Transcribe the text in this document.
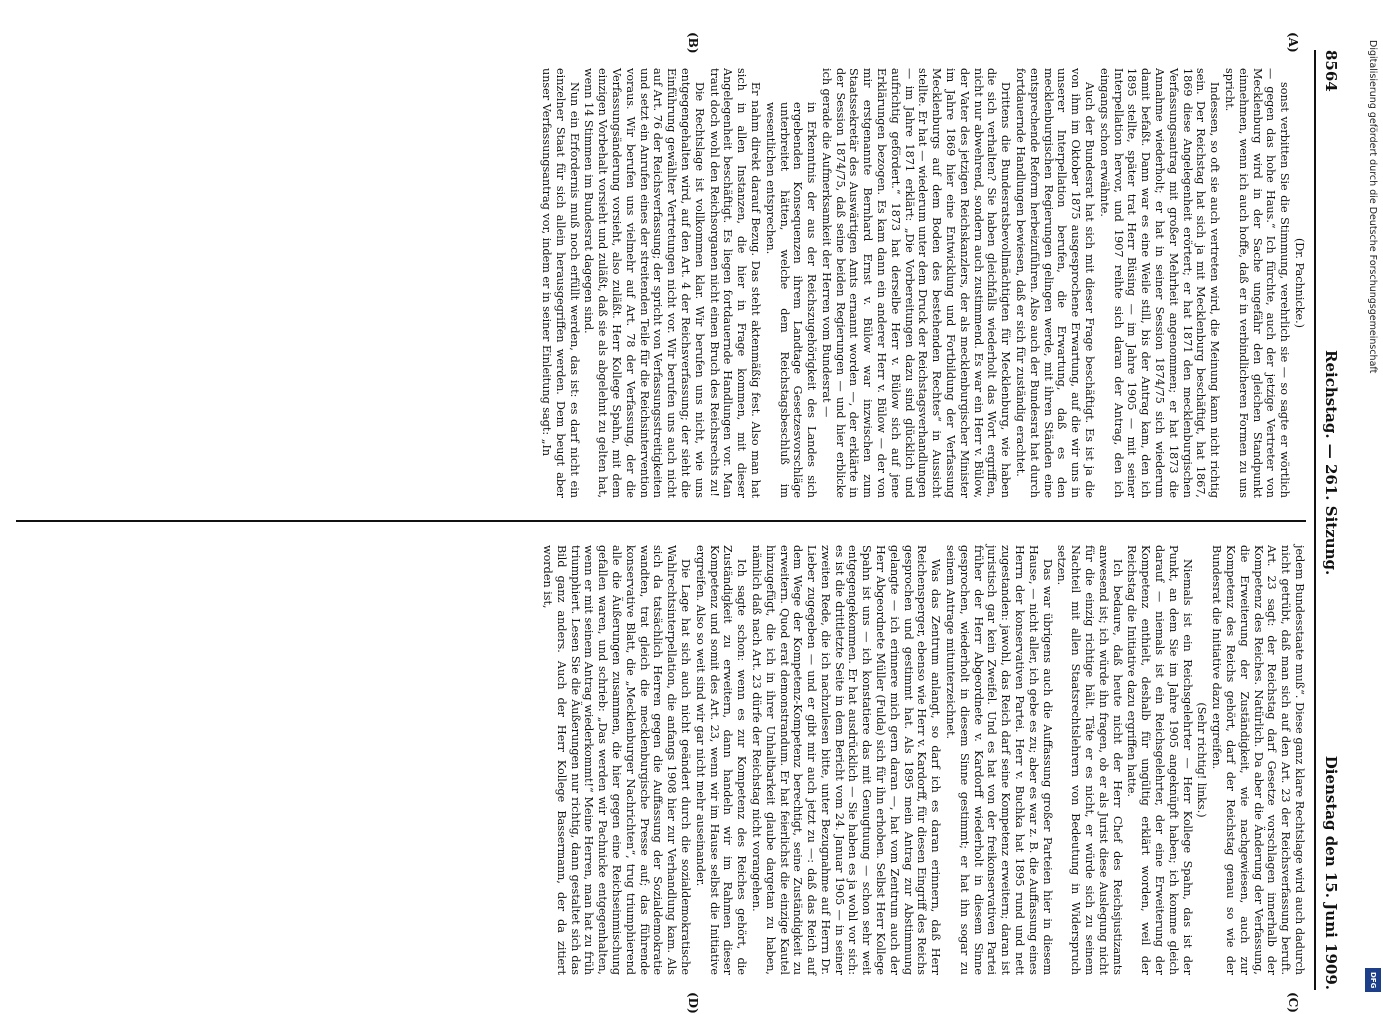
8564
Reichstag. — 261. Sitzung.
Dienstag den 15. Juni 1909.

(Dr. Pachnicke.)

sonst verbitten Sie die Stimmung, verehrlich sie — so sagte er wörtlich — gegen das hohe Haus.“ Ich fürchte, auch der jetzige Vertreter von Mecklenburg wird in der Sache ungefähr den gleichen Standpunkt einnehmen, wenn ich auch hoffe, daß er in verbindlicheren Formen zu uns spricht.

Indessen, so oft sie auch vertreten wird, die Meinung kann nicht richtig sein. Der Reichstag hat sich ja mit Mecklenburg beschäftigt, hat 1867, 1869 diese Angelegenheit erörtert; er hat 1871 den mecklenburgischen Verfassungsantrag mit großer Mehrheit angenommen; er hat 1873 die Annahme wiederholt; er hat in seiner Session 1874/75 sich wiederum damit befaßt. Dann war es eine Weile still, bis der Antrag kam, den ich 1895 stellte, später trat Herr Büsing — im Jahre 1905 — mit seiner Interpellation hervor, und 1907 reihte sich daran der Antrag, den ich eingangs schon erwähnte.

Auch der Bundesrat hat sich mit dieser Frage beschäftigt. Es ist ja die von ihm im Oktober 1875 ausgesprochene Erwartung, auf die wir uns in unserer Interpellation berufen, die Erwartung, daß es den mecklenburgischen Regierungen gelingen werde, mit ihren Ständen eine entsprechende Reform herbeizuführen. Also auch der Bundesrat hat durch fortdauernde Handlungen bewiesen, daß er sich für zuständig erachtet.

Drittens die Bundesratsbevollmächtigten für Mecklenburg, wie haben die sich verhalten? Sie haben gleichfalls wiederholt das Wort ergriffen, nicht nur abwehrend, sondern auch zustimmend. Es war ein Herr v. Bülow, der Vater des jetzigen Reichskanzlers, der als mecklenburgischer Minister im Jahre 1869 hier eine Entwicklung und Fortbildung der Verfassung Mecklenburgs auf dem Boden des bestehenden Rechtes“ in Aussicht stellte. Er hat — wiederum unter dem Druck der Reichstagsverhandlungen — im Jahre 1871 erklärt: „Die Vorbereitungen dazu sind glücklich und aufrichtig gefördert.“ 1873 hat derselbe Herr v. Bülow sich auf jene Erklärungen bezogen. Es kam dann ein anderer Herr v. Bülow — der von mir erstgenannte Bernhard Ernst v. Bülow war inzwischen zum Staatssekretär des Auswärtigen Amts ernannt worden —, der erklärte in der Session 1874/75, daß seine beiden Regierungen — und hier erblicke ich gerade die Aufmerksamkeit der Herren vom Bundesrat —

in Erkenntnis der aus der Reichszugehörigkeit des Landes sich ergebenden Konsequenzen ihrem Landtage Gesetzesvorschläge unterbreitet hätten, welche dem Reichstagsbeschluß im wesentlichen entsprechen.

Er nahm direkt darauf Bezug. Das steht aktenmäßig fest. Also man hat sich in allen Instanzen, die hier in Frage kommen, mit dieser Angelegenheit beschäftigt. Es liegen fortdauernde Handlungen vor. Man traut doch wohl den Reichsorganen nicht einen Bruch des Reichsrechts zu!

Die Rechtslage ist vollkommen klar. Wir berufen uns nicht, wie uns entgegengehalten wird, auf den Art. 4 der Reichsverfassung; der sieht die Einführung gewählter Vertretungen nicht vor. Wir berufen uns auch nicht auf Art. 76 der Reichsverfassung; der spricht von Verfassungsstreitigkeiten und setzt ein Anrufen eines der streitenden Teile für die Reichsintervention voraus. Wir berufen uns vielmehr auf Art. 78 der Verfassung, der die Verfassungsänderung vorsieht, also zuläßt. Herr Kollege Spahn, mit dem einzigen Vorbehalt vorsieht und zuläßt, daß sie als abgelehnt zu gelten hat, wenn 14 Stimmen im Bundesrat dagegen sind.

Nun ein Erfordernis muß noch erfüllt werden, das ist: es darf nicht ein einzelner Staat für sich allein herausgegriffen werden. Dem beugt aber unser Verfassungsantrag vor, indem er in seiner Einleitung sagt: „In

jedem Bundesstaate muß“. Diese ganz klare Rechtslage wird auch dadurch nicht getrübt, daß man sich auf den Art. 23 der Reichsverfassung beruft. Art. 23 sagt: der Reichstag darf Gesetze vorschlagen innerhalb der Kompetenz des Reiches. Natürlich. Da aber die Änderung der Verfassung, die Erweiterung der Zuständigkeit, wie nachgewiesen, auch zur Kompetenz des Reichs gehört, darf der Reichstag genau so wie der Bundesrat die Initiative dazu ergreifen.

(Sehr richtig! links.)

Niemals ist ein Reichsgelehrter — Herr Kollege Spahn, das ist der Punkt, an dem Sie im Jahre 1905 angeknüpft haben; ich komme gleich darauf — niemals ist ein Reichsgelehrter, der eine Erweiterung der Kompetenz enthielt, deshalb für ungültig erklärt worden, weil der Reichstag die Initiative dazu ergriffen hatte.

Ich bedaure, daß heute nicht der Herr Chef des Reichsjustizamts anwesend ist; ich würde ihn fragen, ob er als Jurist diese Auslegung nicht für die einzig richtige hält. Täte er es nicht, er würde sich zu seinem Nachteil mit allen Staatsrechtslehrern von Bedeutung in Widerspruch setzen.

Das war übrigens auch die Auffassung großer Parteien hier in diesem Hause, — nicht aller, ich gebe es zu; aber es war z. B. die Auffassung eines Herrn der konservativen Partei. Herr v. Buchka hat 1895 rund und nett zugestanden: jawohl, das Reich darf seine Kompetenz erweitern; daran ist juristisch gar kein Zweifel. Und es hat von der freikonservativen Partei früher der Herr Abgeordnete v. Kardorff wiederholt in diesem Sinne gesprochen, wiederholt in diesem Sinne gestimmt; er hat ihn sogar zu seinem Antrage mitunterzeichnet.

Was das Zentrum anlangt, so darf ich es daran erinnern, daß Herr Reichensperger, ebenso wie Herr v. Kardorff, für diesen Eingriff des Reichs gesprochen und gestimmt hat. Als 1895 mein Antrag zur Abstimmung gelangte — ich erinnere mich gern daran —, hat vom Zentrum auch der Herr Abgeordnete Müller (Fulda) sich für ihn erhoben. Selbst Herr Kollege Spahn ist uns — ich konstatiere das mit Genugtuung — schon sehr weit entgegengekommen. Er hat ausdrücklich — Sie haben es ja wohl vor sich: es ist die drittletzte Seite in dem Bericht vom 24. Januar 1905 — in seiner zweiten Rede, die ich nachzulesen bitte, unter Bezugnahme auf Herrn Dr. Lieber zugegeben — und er gibt mir auch jetzt zu —: daß das Reich auf dem Wege der Kompetenz-Kompetenz berechtigt, seine Zuständigkeit zu erweitern. Quod erat demonstrandum. Er hat feierlichst die einzige Kautel hinzugefügt, die ich in ihrer Unhaltbarkeit glaube dargetan zu haben, nämlich daß nach Art. 23 dürfe der Reichstag nicht vorangehen.

Ich sagte schon: wenn es zur Kompetenz des Reiches gehört, die Zuständigkeit zu erweitern, dann handeln wir im Rahmen dieser Kompetenz und somit des Art. 23, wenn wir im Hause selbst die Initiative ergreifen. Also so weit sind wir gar nicht mehr auseinander.

Die Lage hat sich auch nicht geändert durch die sozialdemokratische Wahlrechtsinterpellation, die anfangs 1908 hier zur Verhandlung kam. Als sich da tatsächlich Herren gegen die Auffassung der Sozialdemokratie wandten, trat gleich die mecklenburgische Presse auf; das führende konservative Blatt, die „Mecklenburger Nachrichten“, trug triumphierend alle die Äußerungen zusammen, die hier gegen eine Reichseinmischung gefallen waren, und schrieb: „Das werden wir Pachnicke entgegenhalten, wenn er mit seinem Antrag wiederkommt!“ Meine Herren, man hat zu früh triumphiert. Lesen Sie die Äußerungen nur richtig, dann gestaltet sich das Bild ganz anders. Auch der Herr Kollege Bassermann, der da zitiert worden ist,

(A)
(B)
(C)
(D)
Digitalisierung gefördert durch die Deutsche Forschungsgemeinschaft
DFG
